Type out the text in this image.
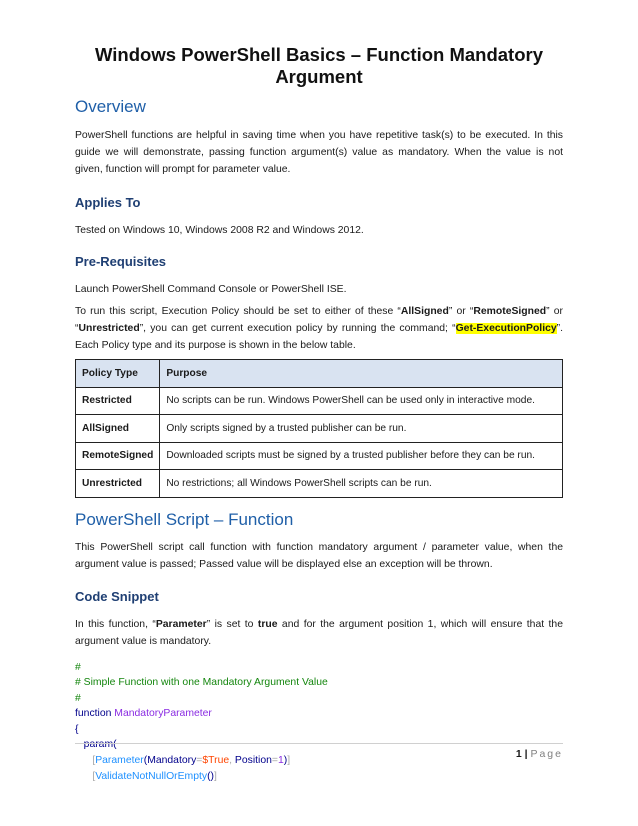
Windows PowerShell Basics – Function Mandatory Argument
Overview

PowerShell functions are helpful in saving time when you have repetitive task(s) to be executed. In this guide we will demonstrate, passing function argument(s) value as mandatory. When the value is not given, function will prompt for parameter value.

Applies To

Tested on Windows 10, Windows 2008 R2 and Windows 2012.

Pre-Requisites

Launch PowerShell Command Console or PowerShell ISE.

To run this script, Execution Policy should be set to either of these “AllSigned” or “RemoteSigned” or “Unrestricted”, you can get current execution policy by running the command; “Get-ExecutionPolicy”. Each Policy type and its purpose is shown in the below table.

Policy Type	Purpose
Restricted	No scripts can be run. Windows PowerShell can be used only in interactive mode.
AllSigned	Only scripts signed by a trusted publisher can be run.
RemoteSigned	Downloaded scripts must be signed by a trusted publisher before they can be run.
Unrestricted	No restrictions; all Windows PowerShell scripts can be run.
PowerShell Script – Function

This PowerShell script call function with function mandatory argument / parameter value, when the argument value is passed; Passed value will be displayed else an exception will be thrown.

Code Snippet

In this function, “Parameter” is set to true and for the argument position 1, which will ensure that the argument value is mandatory.

#
# Simple Function with one Mandatory Argument Value
#
function MandatoryParameter
{
param(
[Parameter(Mandatory=$True, Position=1)]
[ValidateNotNullOrEmpty()]
1 | Page
